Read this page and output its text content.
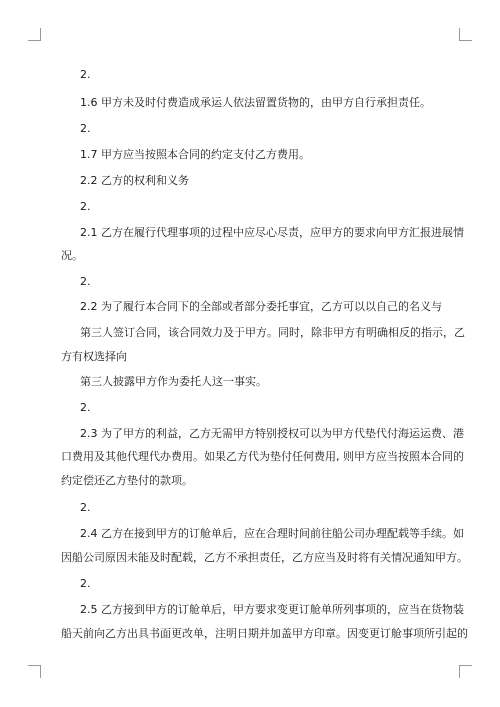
2.
1.6 甲方未及时付费造成承运人依法留置货物的，由甲方自行承担责任。
2.
1.7 甲方应当按照本合同的约定支付乙方费用。
2.2 乙方的权利和义务
2.
2.1 乙方在履行代理事项的过程中应尽心尽责，应甲方的要求向甲方汇报进展情
况。
2.
2.2 为了履行本合同下的全部或者部分委托事宜，乙方可以以自己的名义与
第三人签订合同，该合同效力及于甲方。同时，除非甲方有明确相反的指示，乙
方有权选择向
第三人披露甲方作为委托人这一事实。
2.
2.3 为了甲方的利益，乙方无需甲方特别授权可以为甲方代垫代付海运运费、港
口费用及其他代理代办费用。如果乙方代为垫付任何费用, 则甲方应当按照本合同的
约定偿还乙方垫付的款项。
2.
2.4 乙方在接到甲方的订舱单后，应在合理时间前往船公司办理配载等手续。如
因船公司原因未能及时配载，乙方不承担责任，乙方应当及时将有关情况通知甲方。
2.
2.5 乙方接到甲方的订舱单后，甲方要求变更订舱单所列事项的，应当在货物装
船天前向乙方出具书面更改单，注明日期并加盖甲方印章。因变更订舱事项所引起的
